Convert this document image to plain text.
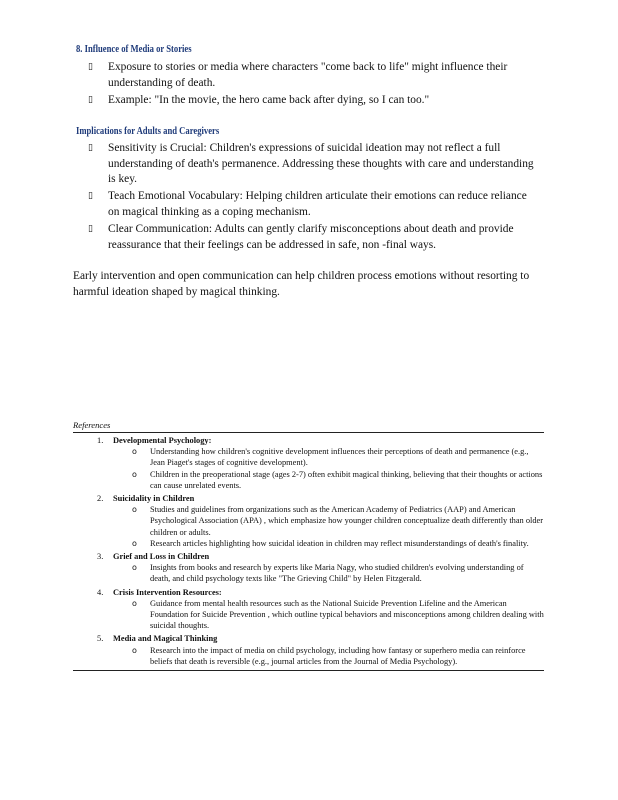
8. Influence of Media or Stories
▯ Exposure to stories or media where characters "come back to life" might influence their understanding of death.
▯ Example: "In the movie, the hero came back after dying, so I can too."
Implications for Adults and Caregivers
▯ Sensitivity is Crucial: Children's expressions of suicidal ideation may not reflect a full understanding of death's permanence. Addressing these thoughts with care and understanding is key.
▯ Teach Emotional Vocabulary: Helping children articulate their emotions can reduce reliance on magical thinking as a coping mechanism.
▯ Clear Communication: Adults can gently clarify misconceptions about death and provide reassurance that their feelings can be addressed in safe, non -final ways.

Early intervention and open communication can help children process emotions without resorting to harmful ideation shaped by magical thinking.

References
1. Developmental Psychology:
o Understanding how children's cognitive development influences their perceptions of death and permanence (e.g., Jean Piaget's stages of cognitive development).
o Children in the preoperational stage (ages 2-7) often exhibit magical thinking, believing that their thoughts or actions can cause unrelated events.
2. Suicidality in Children
o Studies and guidelines from organizations such as the American Academy of Pediatrics (AAP) and American Psychological Association (APA) , which emphasize how younger children conceptualize death differently than older children or adults.
o Research articles highlighting how suicidal ideation in children may reflect misunderstandings of death's finality.
3. Grief and Loss in Children
o Insights from books and research by experts like Maria Nagy, who studied children's evolving understanding of death, and child psychology texts like "The Grieving Child" by Helen Fitzgerald.
4. Crisis Intervention Resources:
o Guidance from mental health resources such as the National Suicide Prevention Lifeline and the American Foundation for Suicide Prevention , which outline typical behaviors and misconceptions among children dealing with suicidal thoughts.
5. Media and Magical Thinking
o Research into the impact of media on child psychology, including how fantasy or superhero media can reinforce beliefs that death is reversible (e.g., journal articles from the Journal of Media Psychology).
